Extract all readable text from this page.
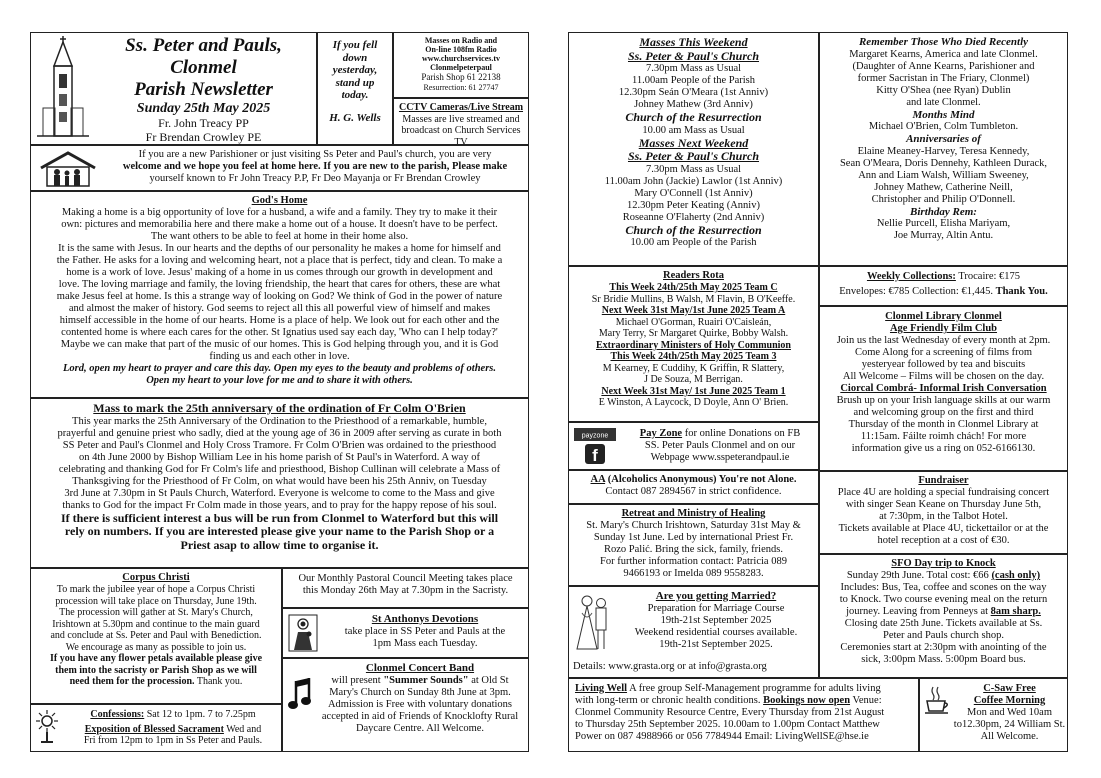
Ss. Peter and Pauls, Clonmel
Parish Newsletter
Sunday 25th May 2025
Fr. John Treacy PP
Fr Brendan Crowley PE
If you fell
down
yesterday,
stand up
today.
H. G. Wells
Masses on Radio and
On-line 108fm Radio
www.churchservices.tv
Clonmelpeterpaul
Parish Shop 61 22138
Resurrection: 61 27747
CCTV Cameras/Live Stream
Masses are live streamed and
broadcast on Church Services TV
If you are a new Parishioner or just visiting Ss Peter and Paul's church, you are very
welcome and we hope you feel at home here. If you are new to the parish, Please make
yourself known to Fr John Treacy P.P, Fr Deo Mayanja or Fr Brendan Crowley
God's Home
Making a home is a big opportunity of love for a husband, a wife and a family. They try to make it their
own: pictures and memorabilia here and there make a home out of a house. It doesn't have to be perfect.
The want others to be able to feel at home in their home also.
It is the same with Jesus. In our hearts and the depths of our personality he makes a home for himself and
the Father. He asks for a loving and welcoming heart, not a place that is perfect, tidy and clean. To make a
home is a work of love. Jesus' making of a home in us comes through our growth in development and
love. The loving marriage and family, the loving friendship, the heart that cares for others, these are what
make Jesus feel at home. Is this a strange way of looking on God? We think of God in the power of nature
and almost the maker of history. God seems to reject all this all powerful view of himself and makes
himself accessible in the home of our hearts. Home is a place of help. We look out for each other and the
contented home is where each cares for the other. St Ignatius used say each day, 'Who can I help today?'
Maybe we can make that part of the music of our homes. This is God helping through you, and it is God
finding us and each other in love.
Lord, open my heart to prayer and care this day. Open my eyes to the beauty and problems of others.
Open my heart to your love for me and to share it with others.
Mass to mark the 25th anniversary of the ordination of Fr Colm O'Brien
This year marks the 25th Anniversary of the Ordination to the Priesthood of a remarkable, humble,
prayerful and genuine priest who sadly, died at the young age of 36 in 2009 after serving as curate in both
SS Peter and Paul's Clonmel and Holy Cross Tramore. Fr Colm O'Brien was ordained to the priesthood
on 4th June 2000 by Bishop William Lee in his home parish of St Paul's in Waterford. A way of
celebrating and thanking God for Fr Colm's life and priesthood, Bishop Cullinan will celebrate a Mass of
Thanksgiving for the Priesthood of Fr Colm, on what would have been his 25th Anniv, on Tuesday
3rd June at 7.30pm in St Pauls Church, Waterford. Everyone is welcome to come to the Mass and give
thanks to God for the impact Fr Colm made in those years, and to pray for the happy repose of his soul.
If there is sufficient interest a bus will be run from Clonmel to Waterford but this will
rely on numbers. If you are interested please give your name to the Parish Shop or a
Priest asap to allow time to organise it.
Corpus Christi
To mark the jubilee year of hope a Corpus Christi
procession will take place on Thursday, June 19th.
The procession will gather at St. Mary's Church,
Irishtown at 5.30pm and continue to the main guard
and conclude at Ss. Peter and Paul with Benediction.
We encourage as many as possible to join us.
If you have any flower petals available please give
them into the sacristy or Parish Shop as we will
need them for the procession. Thank you.
Confessions: Sat 12 to 1pm. 7 to 7.25pm
Exposition of Blessed Sacrament Wed and
Fri from 12pm to 1pm in Ss Peter and Pauls.
Our Monthly Pastoral Council Meeting takes place
this Monday 26th May at 7.30pm in the Sacristy.
St Anthonys Devotions
take place in SS Peter and Pauls at the
1pm Mass each Tuesday.
Clonmel Concert Band
will present "Summer Sounds" at Old St
Mary's Church on Sunday 8th June at 3pm.
Admission is Free with voluntary donations
accepted in aid of Friends of Knocklofty Rural
Daycare Centre. All Welcome.
Masses This Weekend
Ss. Peter & Paul's Church
7.30pm Mass as Usual
11.00am People of the Parish
12.30pm Seán O'Meara (1st Anniv)
Johney Mathew (3rd Anniv)
Church of the Resurrection
10.00 am Mass as Usual
Masses Next Weekend
Ss. Peter & Paul's Church
7.30pm Mass as Usual
11.00am John (Jackie) Lawlor (1st Anniv)
Mary O'Connell (1st Anniv)
12.30pm Peter Keating (Anniv)
Roseanne O'Flaherty (2nd Anniv)
Church of the Resurrection
10.00 am People of the Parish
Remember Those Who Died Recently
Margaret Kearns, America and late Clonmel.
(Daughter of Anne Kearns, Parishioner and
former Sacristan in The Friary, Clonmel)
Kitty O'Shea (nee Ryan) Dublin
and late Clonmel.
Months Mind
Michael O'Brien, Colm Tumbleton.
Anniversaries of
Elaine Meaney-Harvey, Teresa Kennedy,
Sean O'Meara, Doris Dennehy, Kathleen Durack,
Ann and Liam Walsh, William Sweeney,
Johney Mathew, Catherine Neill,
Christopher and Philip O'Donnell.
Birthday Rem:
Nellie Purcell, Elisha Mariyam,
Joe Murray, Altin Antu.
Readers Rota
This Week 24th/25th May 2025 Team C
Sr Bridie Mullins, B Walsh, M Flavin, B O'Keeffe.
Next Week 31st May/1st June 2025 Team A
Michael O'Gorman, Ruairi O'Caisleán,
Mary Terry, Sr Margaret Quirke, Bobby Walsh.
Extraordinary Ministers of Holy Communion
This Week 24th/25th May 2025 Team 3
M Kearney, E Cuddihy, K Griffin, R Slattery,
J De Souza, M Berrigan.
Next Week 31st May/ 1st June 2025 Team 1
E Winston, A Laycock, D Doyle, Ann O' Brien.
payzone
f
Pay Zone for online Donations on FB
SS. Peter Pauls Clonmel and on our
Webpage www.sspeterandpaul.ie
AA (Alcoholics Anonymous) You're not Alone.
Contact 087 2894567 in strict confidence.
Retreat and Ministry of Healing
St. Mary's Church Irishtown, Saturday 31st May &
Sunday 1st June. Led by international Priest Fr.
Rozo Palić. Bring the sick, family, friends.
For further information contact: Patricia 089
9466193 or Imelda 089 9558283.
Are you getting Married?
Preparation for Marriage Course
19th-21st September 2025
Weekend residential courses available.
19th-21st September 2025.
Details: www.grasta.org or at info@grasta.org
Weekly Collections: Trocaire: €175
Envelopes: €785 Collection: €1,445. Thank You.
Clonmel Library Clonmel
Age Friendly Film Club
Join us the last Wednesday of every month at 2pm.
Come Along for a screening of films from
yesteryear followed by tea and biscuits
All Welcome – Films will be chosen on the day.
Ciorcal Combrá- Informal Irish Conversation
Brush up on your Irish language skills at our warm
and welcoming group on the first and third
Thursday of the month in Clonmel Library at
11:15am. Fáilte roimh chách! For more
information give us a ring on 052-6166130.
Fundraiser
Place 4U are holding a special fundraising concert
with singer Sean Keane on Thursday June 5th,
at 7:30pm, in the Talbot Hotel.
Tickets available at Place 4U, tickettailor or at the
hotel reception at a cost of €30.
SFO Day trip to Knock
Sunday 29th June. Total cost: €66 (cash only)
Includes: Bus, Tea, coffee and scones on the way
to Knock. Two course evening meal on the return
journey. Leaving from Penneys at 8am sharp.
Closing date 25th June. Tickets available at Ss.
Peter and Pauls church shop.
Ceremonies start at 2:30pm with anointing of the
sick, 3:00pm Mass. 5:00pm Board bus.
Living Well A free group Self-Management programme for adults living
with long-term or chronic health conditions. Bookings now open Venue:
Clonmel Community Resource Centre, Every Thursday from 21st August
to Thursday 25th September 2025. 10.00am to 1.00pm Contact Matthew
Power on 087 4988966 or 056 7784944 Email: LivingWellSE@hse.ie
C-Saw Free
Coffee Morning
Mon and Wed 10am
to12.30pm, 24 William St.
All Welcome.
